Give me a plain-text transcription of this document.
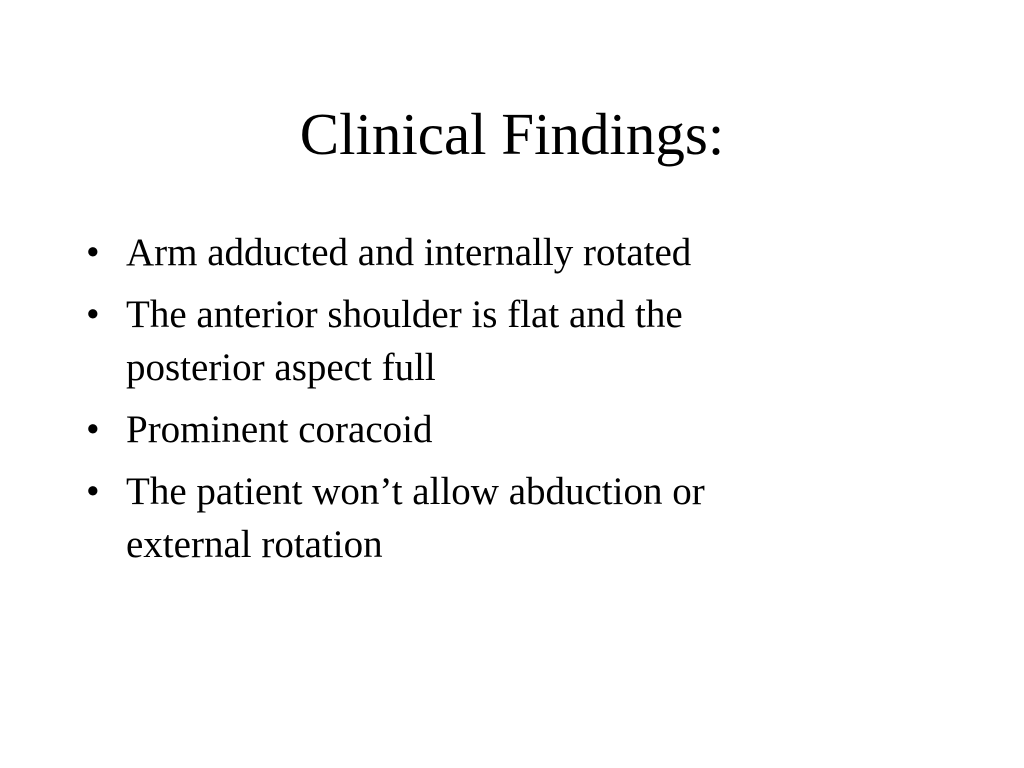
Clinical Findings:
• Arm adducted and internally rotated
• The anterior shoulder is flat and the posterior aspect full
• Prominent coracoid
• The patient won’t allow abduction or external rotation
